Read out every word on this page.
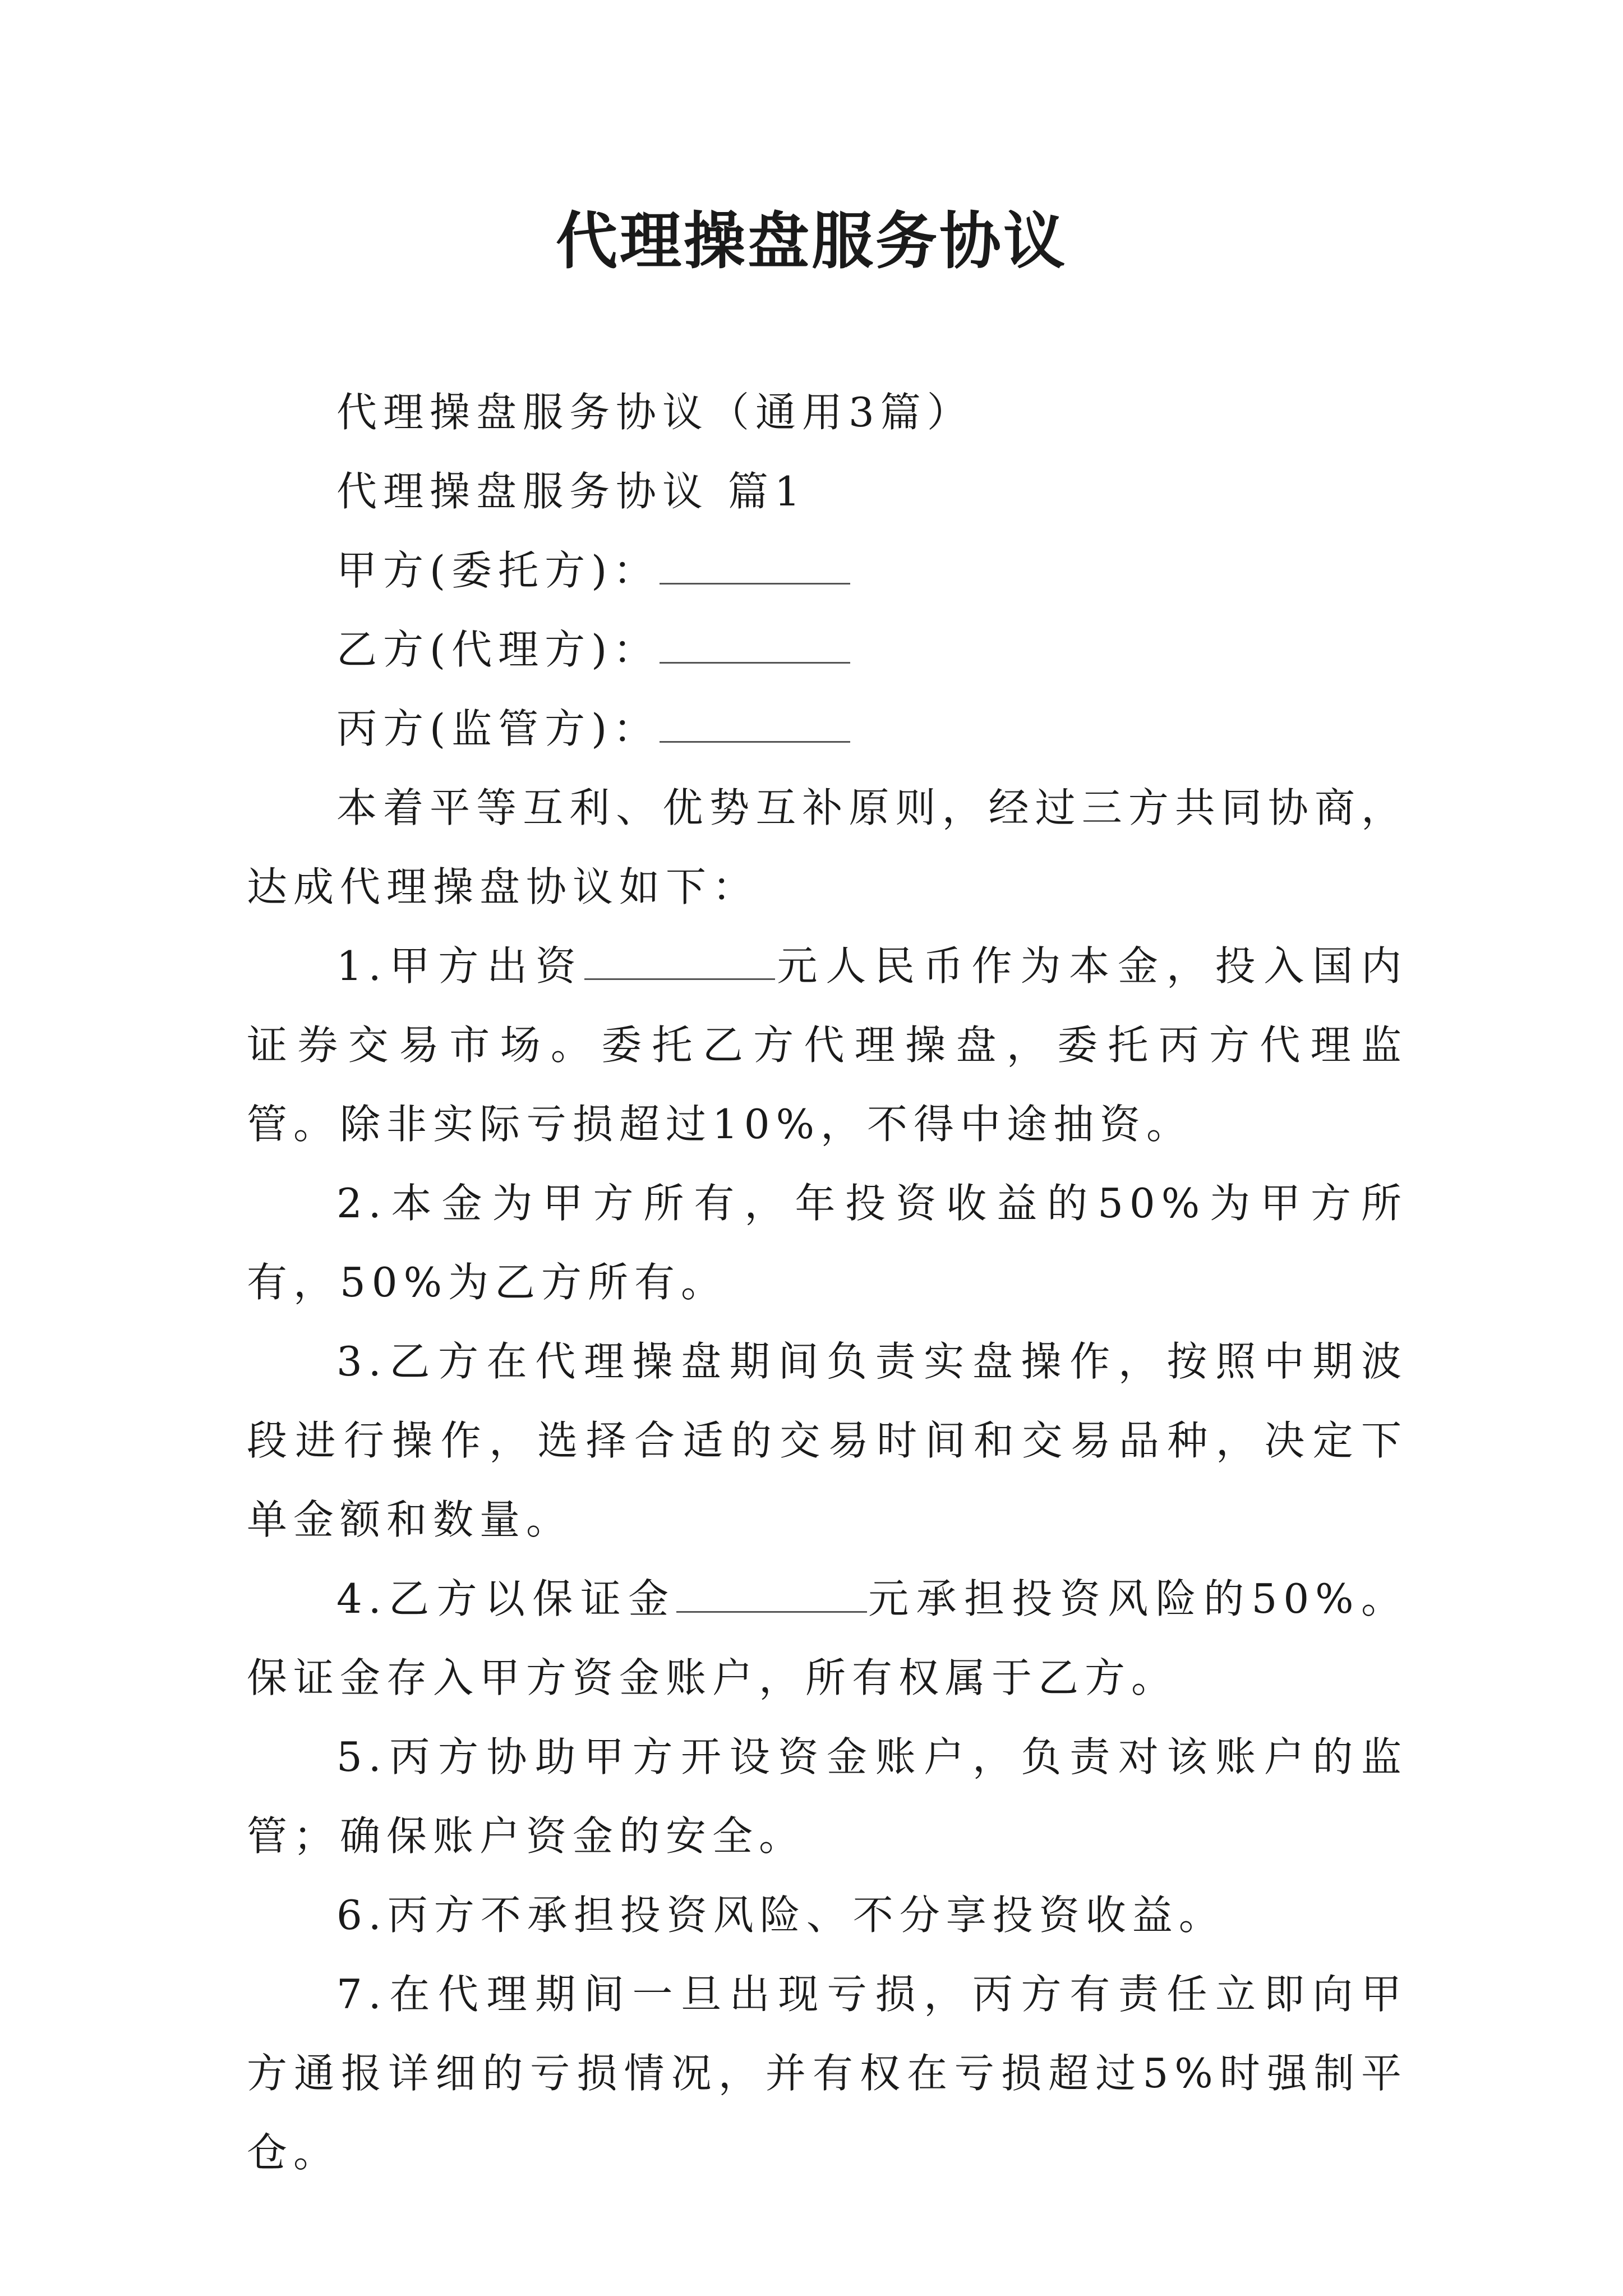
代理操盘服务协议

代理操盘服务协议（通用3篇）

代理操盘服务协议 篇1

甲方(委托方)：

乙方(代理方)：

丙方(监管方)：

本着平等互利、优势互补原则，经过三方共同协商，达成代理操盘协议如下：

1.甲方出资	元人民币作为本金，投入国内证券交易市场。委托乙方代理操盘，委托丙方代理监管。除非实际亏损超过10%，不得中途抽资。

2.本金为甲方所有，年投资收益的50%为甲方所有，50%为乙方所有。

3.乙方在代理操盘期间负责实盘操作，按照中期波段进行操作，选择合适的交易时间和交易品种，决定下单金额和数量。

4.乙方以保证金	元承担投资风险的50%。保证金存入甲方资金账户，所有权属于乙方。

5.丙方协助甲方开设资金账户，负责对该账户的监管；确保账户资金的安全。

6.丙方不承担投资风险、不分享投资收益。

7.在代理期间一旦出现亏损，丙方有责任立即向甲方通报详细的亏损情况，并有权在亏损超过5%时强制平仓。
